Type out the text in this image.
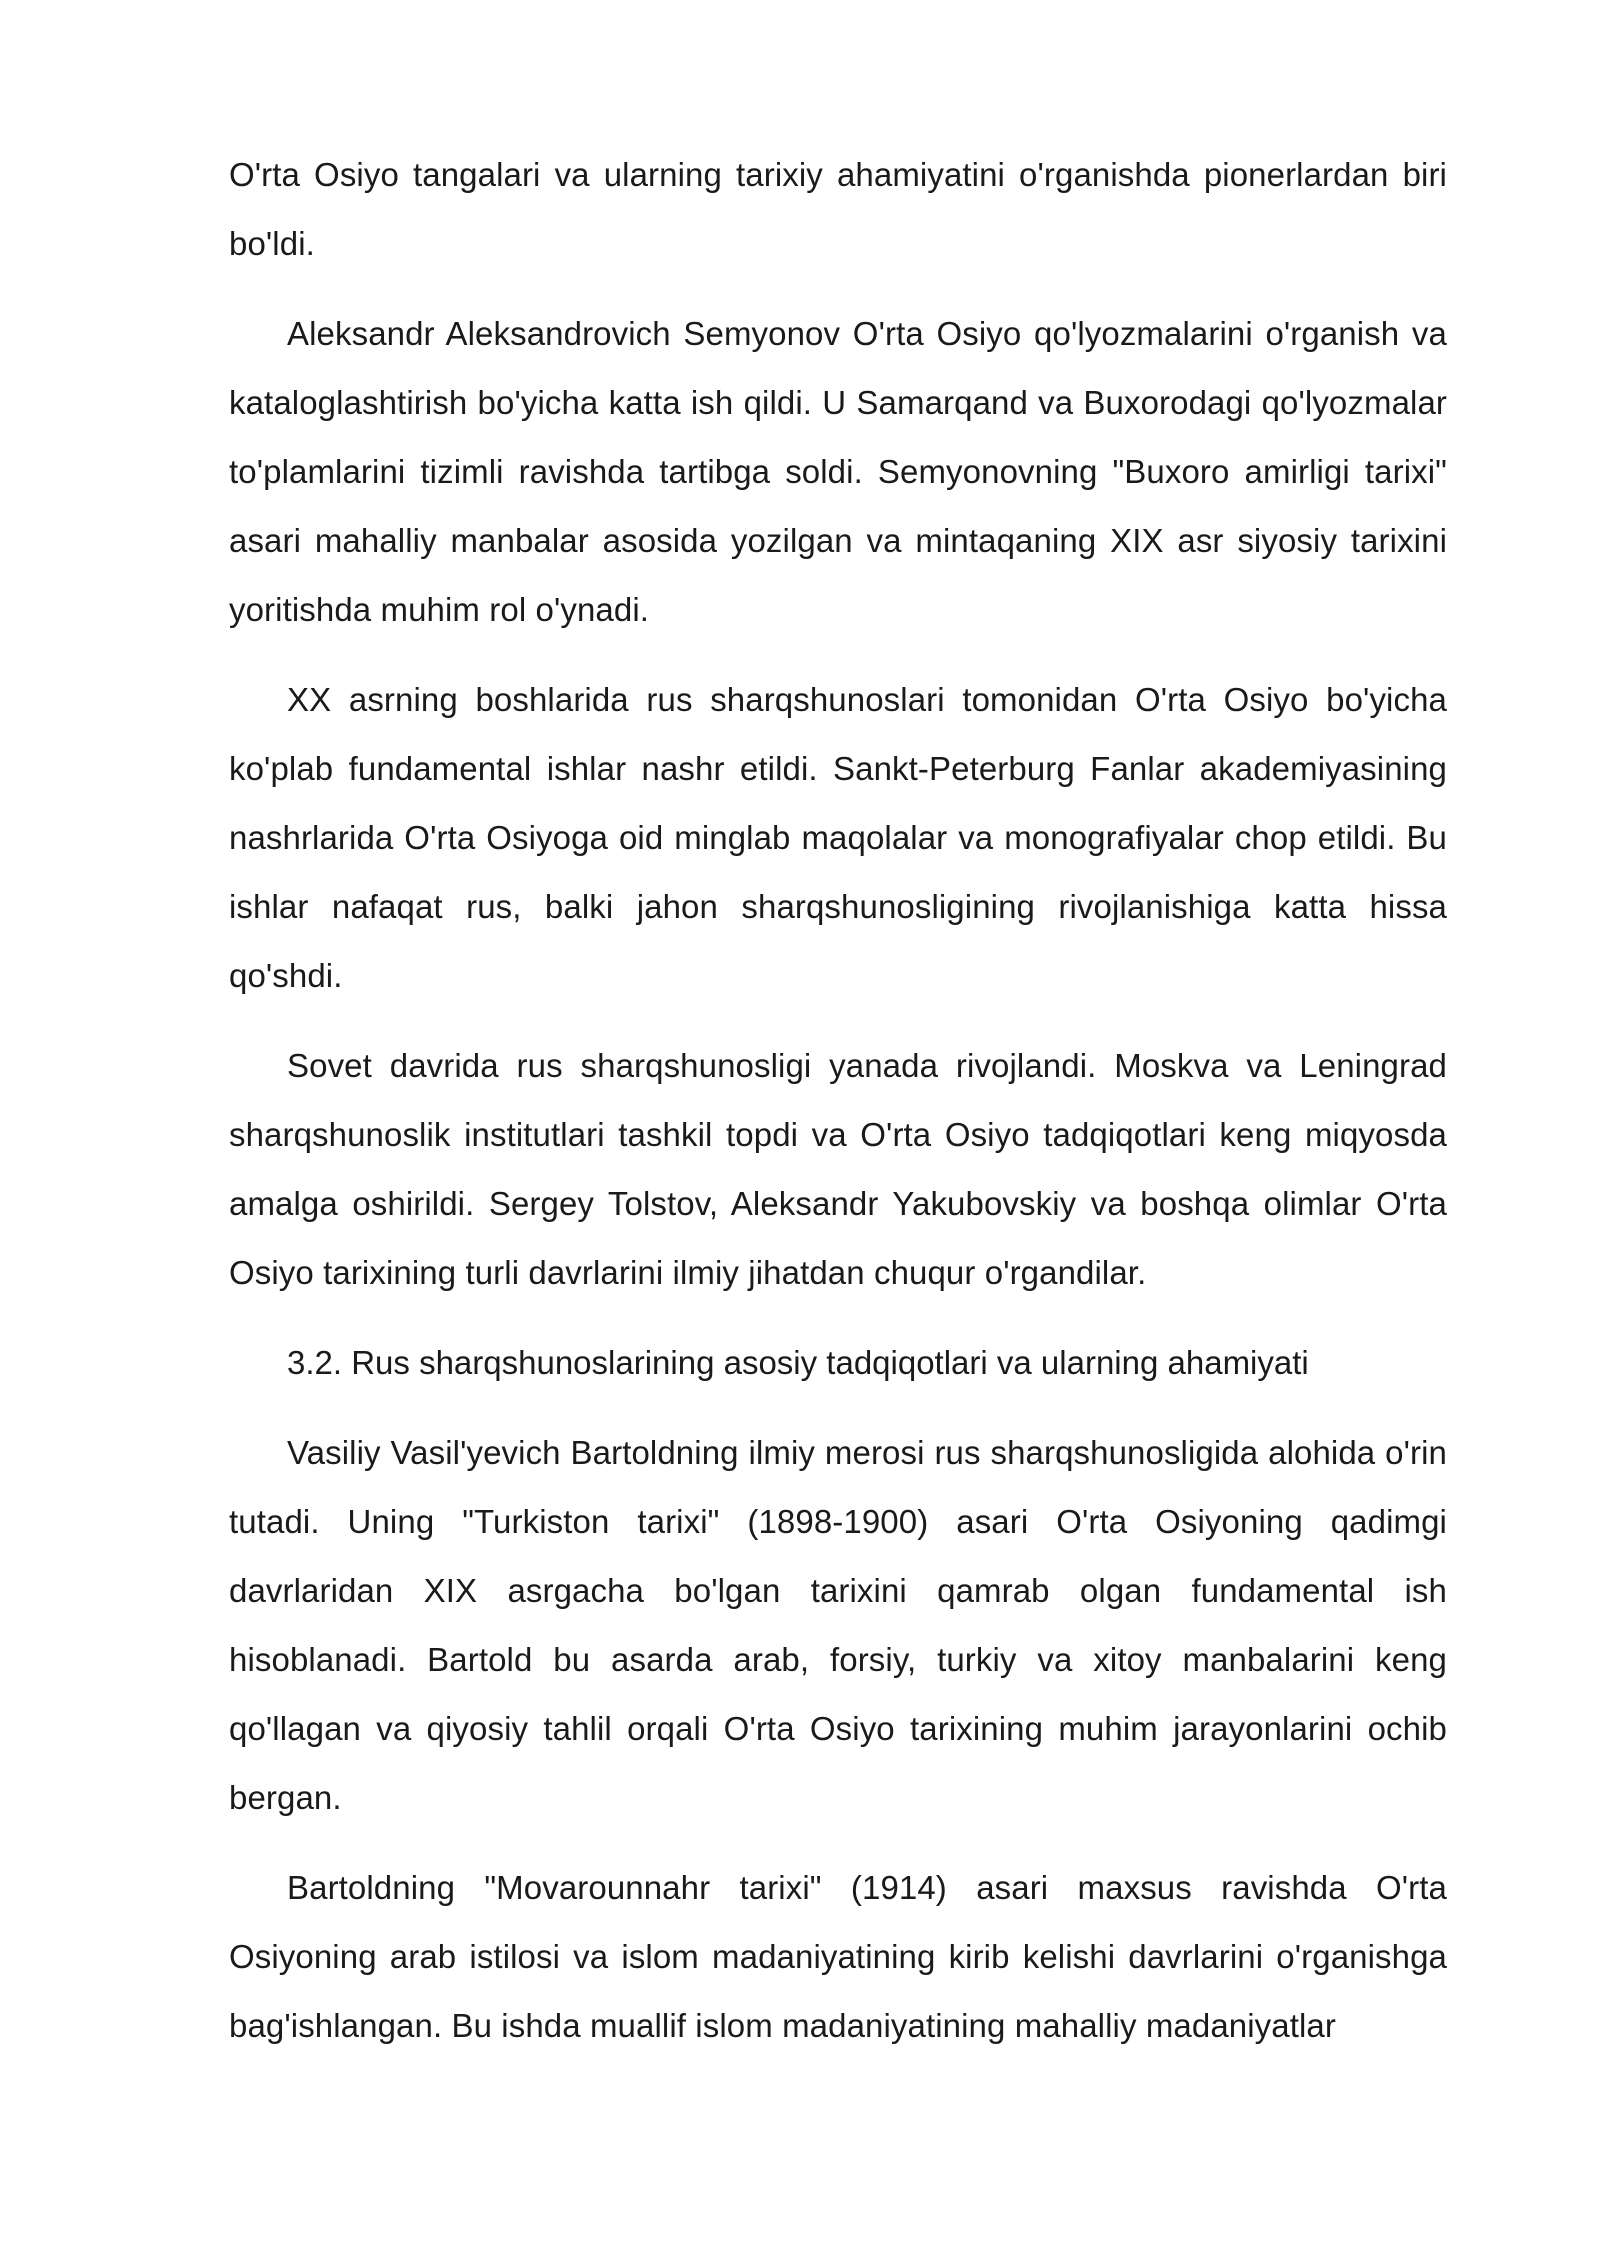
O'rta Osiyo tangalari va ularning tarixiy ahamiyatini o'rganishda pionerlardan biri bo'ldi.

Aleksandr Aleksandrovich Semyonov O'rta Osiyo qo'lyozmalarini o'rganish va kataloglashtirish bo'yicha katta ish qildi. U Samarqand va Buxorodagi qo'lyozmalar to'plamlarini tizimli ravishda tartibga soldi. Semyonovning "Buxoro amirligi tarixi" asari mahalliy manbalar asosida yozilgan va mintaqaning XIX asr siyosiy tarixini yoritishda muhim rol o'ynadi.

XX asrning boshlarida rus sharqshunoslari tomonidan O'rta Osiyo bo'yicha ko'plab fundamental ishlar nashr etildi. Sankt-Peterburg Fanlar akademiyasining nashrlarida O'rta Osiyoga oid minglab maqolalar va monografiyalar chop etildi. Bu ishlar nafaqat rus, balki jahon sharqshunosligining rivojlanishiga katta hissa qo'shdi.

Sovet davrida rus sharqshunosligi yanada rivojlandi. Moskva va Leningrad sharqshunoslik institutlari tashkil topdi va O'rta Osiyo tadqiqotlari keng miqyosda amalga oshirildi. Sergey Tolstov, Aleksandr Yakubovskiy va boshqa olimlar O'rta Osiyo tarixining turli davrlarini ilmiy jihatdan chuqur o'rgandilar.

3.2. Rus sharqshunoslarining asosiy tadqiqotlari va ularning ahamiyati

Vasiliy Vasil'yevich Bartoldning ilmiy merosi rus sharqshunosligida alohida o'rin tutadi. Uning "Turkiston tarixi" (1898-1900) asari O'rta Osiyoning qadimgi davrlaridan XIX asrgacha bo'lgan tarixini qamrab olgan fundamental ish hisoblanadi. Bartold bu asarda arab, forsiy, turkiy va xitoy manbalarini keng qo'llagan va qiyosiy tahlil orqali O'rta Osiyo tarixining muhim jarayonlarini ochib bergan.

Bartoldning "Movarounnahr tarixi" (1914) asari maxsus ravishda O'rta Osiyoning arab istilosi va islom madaniyatining kirib kelishi davrlarini o'rganishga bag'ishlangan. Bu ishda muallif islom madaniyatining mahalliy madaniyatlar
